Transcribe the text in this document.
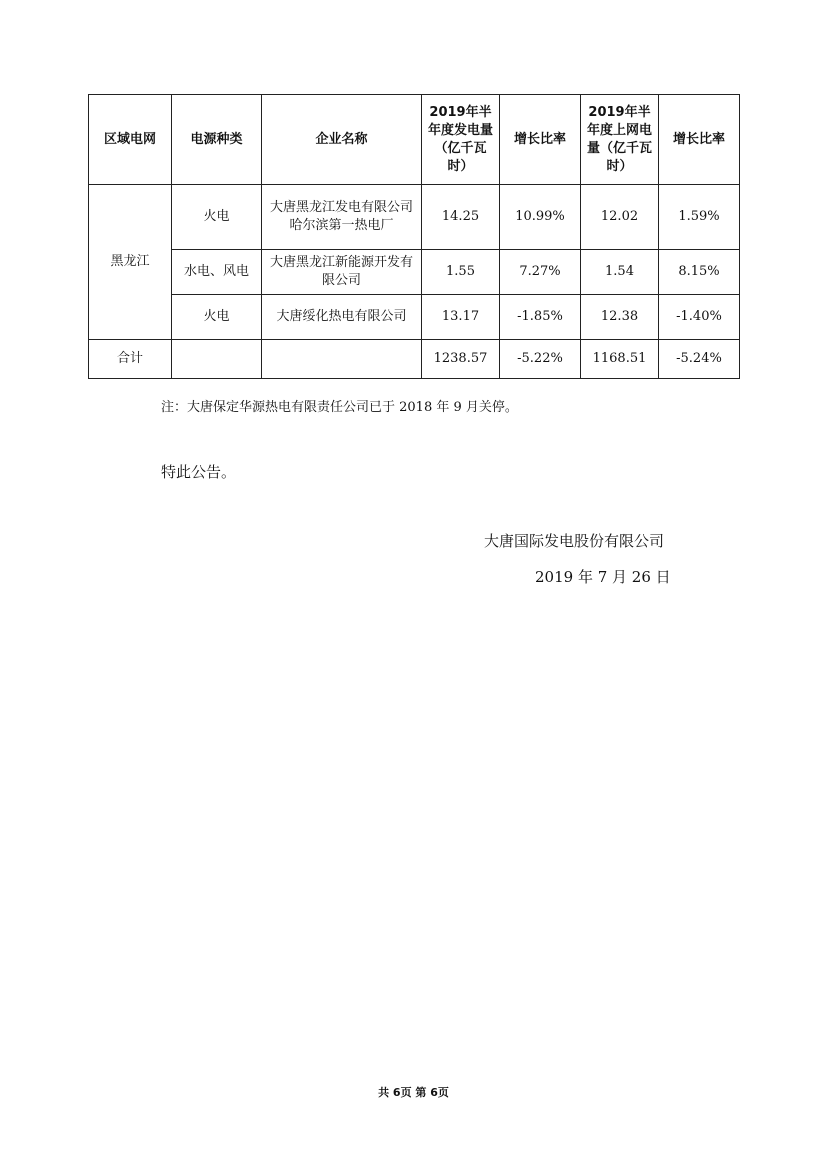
区域电网	电源种类	企业名称	2019年半年度发电量（亿千瓦时）	增长比率	2019年半年度上网电量（亿千瓦时）	增长比率
黑龙江	火电	大唐黑龙江发电有限公司哈尔滨第一热电厂	14.25	10.99%	12.02	1.59%
	水电、风电	大唐黑龙江新能源开发有限公司	1.55	7.27%	1.54	8.15%
	火电	大唐绥化热电有限公司	13.17	-1.85%	12.38	-1.40%
合计			1238.57	-5.22%	1168.51	-5.24%
注：大唐保定华源热电有限责任公司已于 2018 年 9 月关停。
特此公告。
大唐国际发电股份有限公司
2019 年 7 月 26 日
共 6页 第 6页
